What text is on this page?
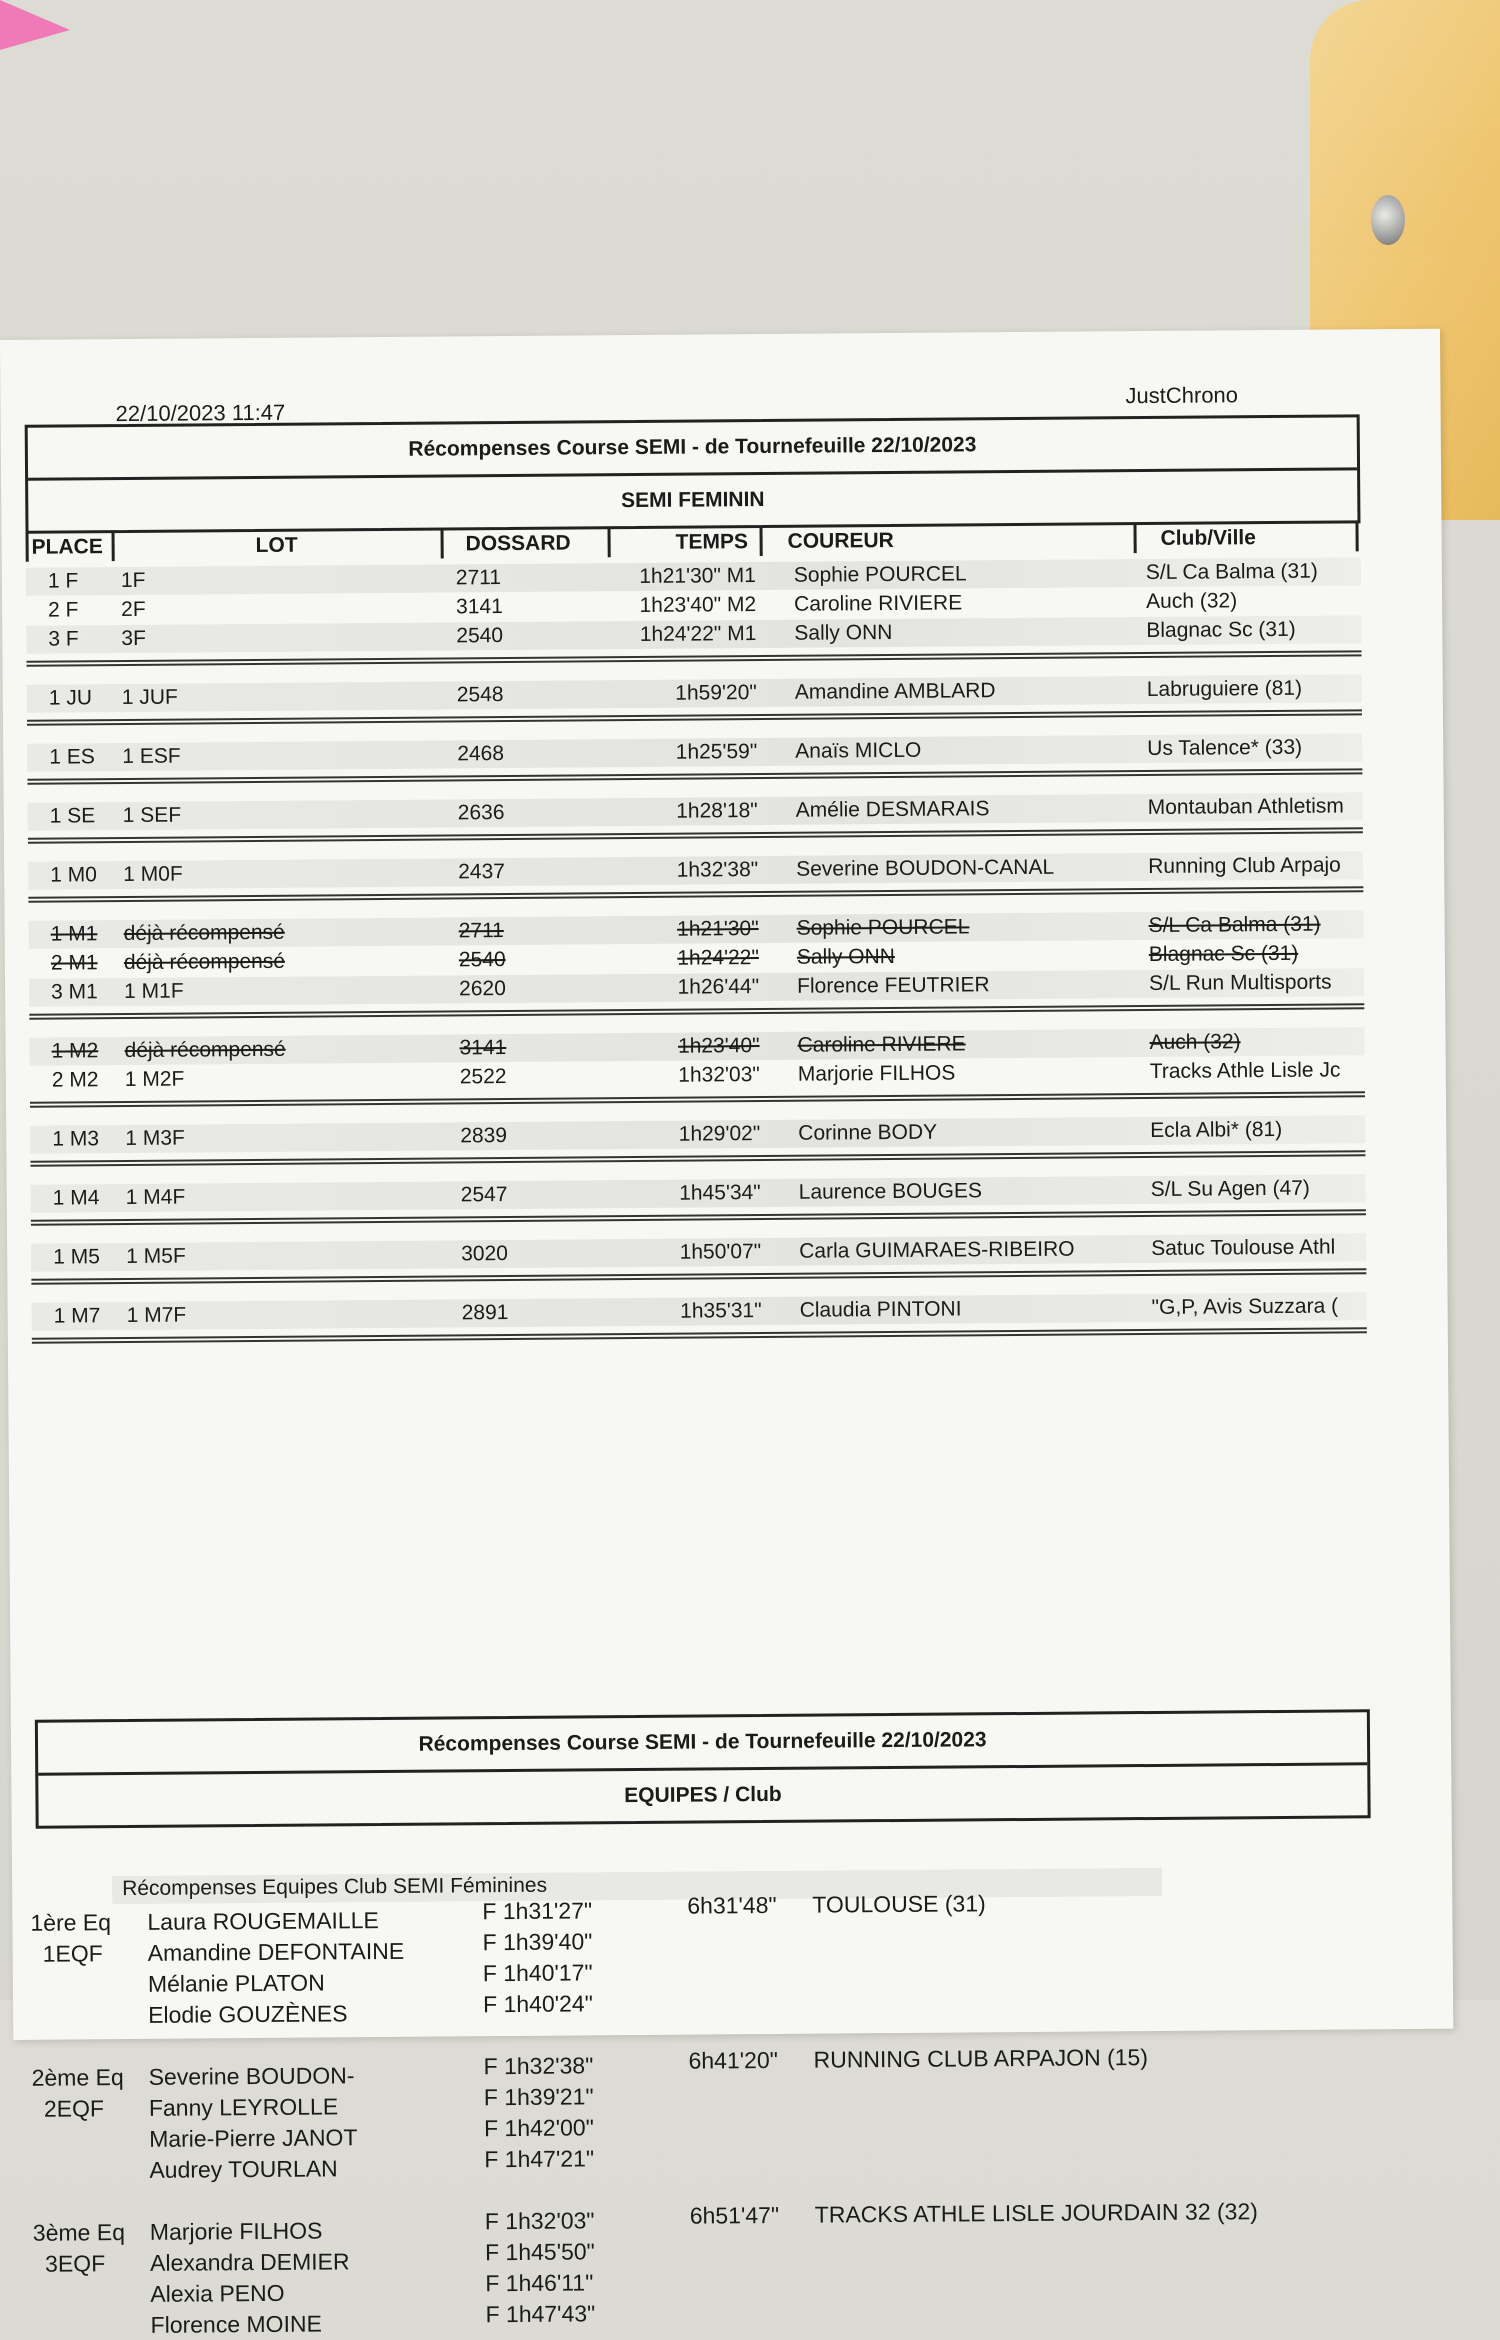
22/10/2023 11:47
JustChrono
Récompenses Course SEMI - de Tournefeuille 22/10/2023
SEMI FEMININ
PLACE	LOT	DOSSARD	TEMPS COUREUR	Club/Ville
1 F 1F	2711	1h21'30" M1 Sophie POURCEL	S/L Ca Balma (31)
2 F 2F	3141	1h23'40" M2 Caroline RIVIERE	Auch (32)
3 F 3F	2540	1h24'22" M1 Sally ONN	Blagnac Sc (31)
1 JU 1 JUF	2548	1h59'20" Amandine AMBLARD	Labruguiere (81)
1 ES 1 ESF	2468	1h25'59" Anaïs MICLO	Us Talence* (33)
1 SE 1 SEF	2636	1h28'18" Amélie DESMARAIS	Montauban Athletism
1 M0 1 M0F	2437	1h32'38" Severine BOUDON-CANAL	Running Club Arpajo
1 M1 déjà récompensé	2711	1h21'30" Sophie POURCEL	S/L Ca Balma (31)
2 M1 déjà récompensé	2540	1h24'22" Sally ONN	Blagnac Sc (31)
3 M1 1 M1F	2620	1h26'44" Florence FEUTRIER	S/L Run Multisports
1 M2 déjà récompensé	3141	1h23'40" Caroline RIVIERE	Auch (32)
2 M2 1 M2F	2522	1h32'03" Marjorie FILHOS	Tracks Athle Lisle Jc
1 M3 1 M3F	2839	1h29'02" Corinne BODY	Ecla Albi* (81)
1 M4 1 M4F	2547	1h45'34" Laurence BOUGES	S/L Su Agen (47)
1 M5 1 M5F	3020	1h50'07" Carla GUIMARAES-RIBEIRO	Satuc Toulouse Athl
1 M7 1 M7F	2891	1h35'31" Claudia PINTONI	"G,P, Avis Suzzara (
Récompenses Course SEMI - de Tournefeuille 22/10/2023
EQUIPES / Club
Récompenses Equipes Club SEMI Féminines
1ère Eq
1EQF
6h31'48" TOULOUSE (31)
Laura ROUGEMAILLE	F 1h31'27"
Amandine DEFONTAINE	F 1h39'40"
Mélanie PLATON	F 1h40'17"
Elodie GOUZÈNES	F 1h40'24"
2ème Eq
2EQF
6h41'20" RUNNING CLUB ARPAJON (15)
Severine BOUDON-	F 1h32'38"
Fanny LEYROLLE	F 1h39'21"
Marie-Pierre JANOT	F 1h42'00"
Audrey TOURLAN	F 1h47'21"
3ème Eq
3EQF
6h51'47" TRACKS ATHLE LISLE JOURDAIN 32 (32)
Marjorie FILHOS	F 1h32'03"
Alexandra DEMIER	F 1h45'50"
Alexia PENO	F 1h46'11"
Florence MOINE	F 1h47'43"
